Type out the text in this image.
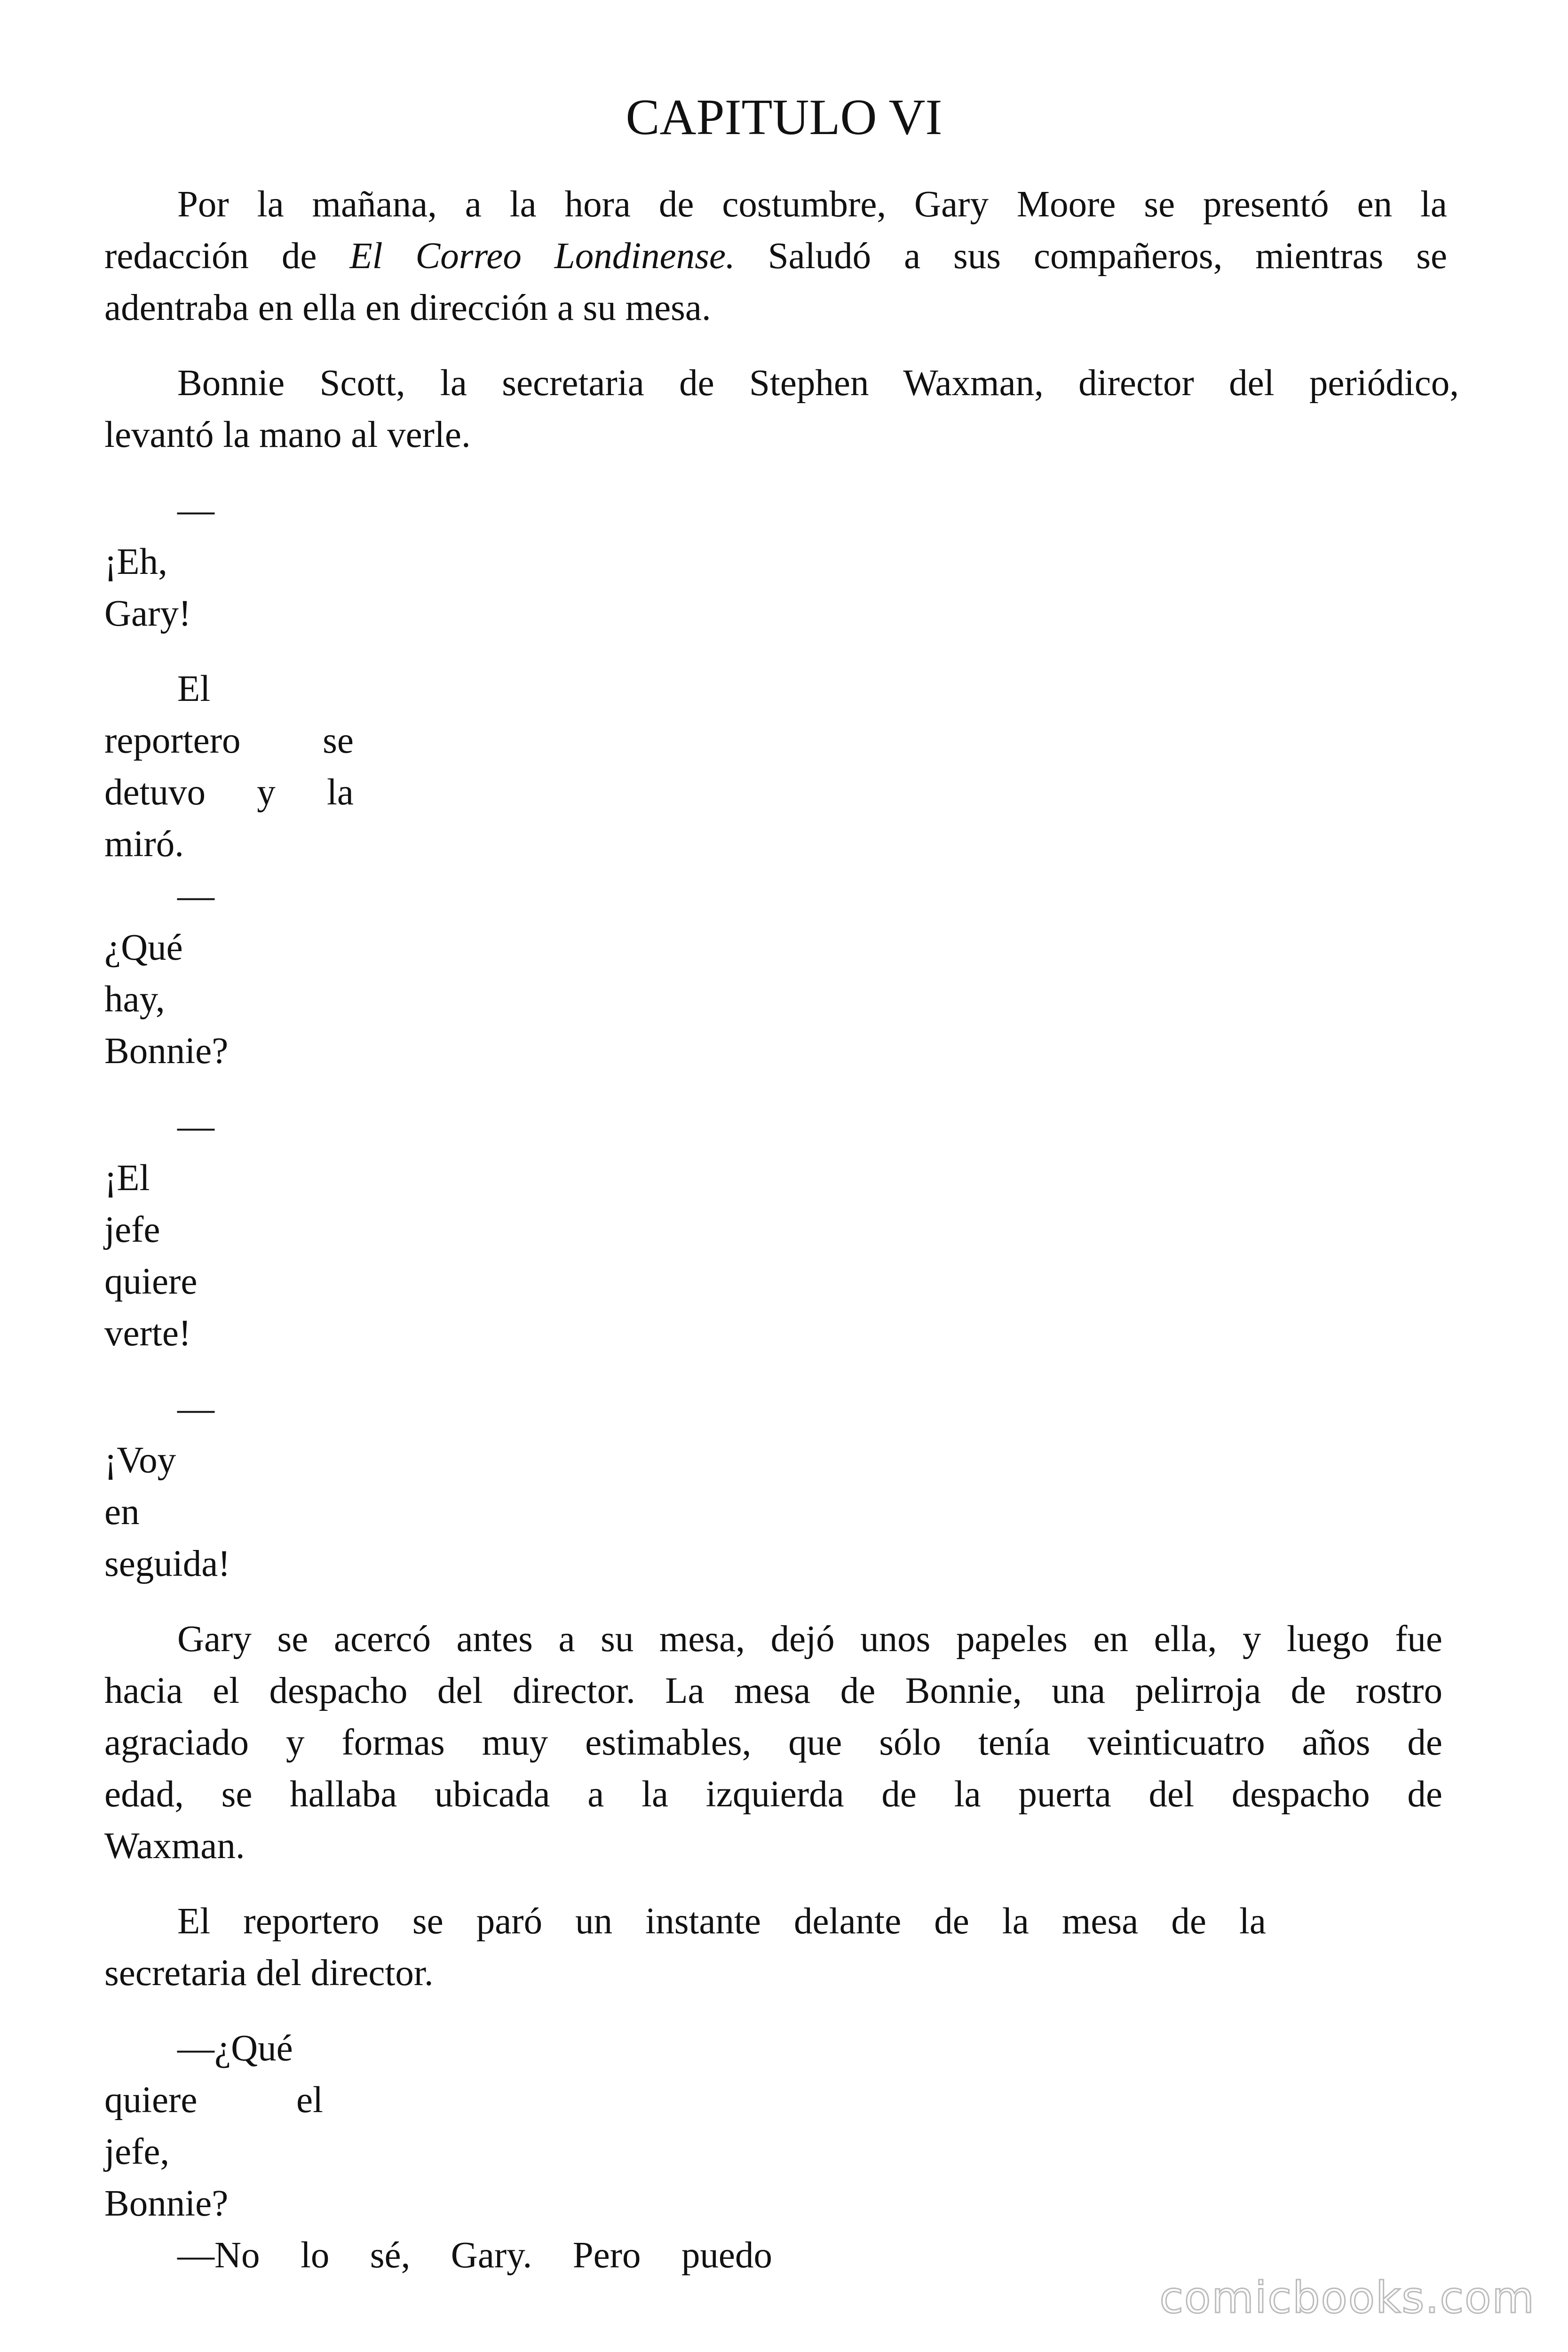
CAPITULO VI
Por la mañana, a la hora de costumbre, Gary Moore se presentó en la
redacción de El Correo Londinense. Saludó a sus compañeros, mientras se
adentraba en ella en dirección a su mesa.
Bonnie Scott, la secretaria de Stephen Waxman, director del periódico,
levantó la mano al verle.
—
¡Eh,
Gary!
El
reportero se
detuvo y la
miró.
—
¿Qué
hay,
Bonnie?
—
¡El
jefe
quiere
verte!
—
¡Voy
en
seguida!
Gary se acercó antes a su mesa, dejó unos papeles en ella, y luego fue
hacia el despacho del director. La mesa de Bonnie, una pelirroja de rostro
agraciado y formas muy estimables, que sólo tenía veinticuatro años de
edad, se hallaba ubicada a la izquierda de la puerta del despacho de
Waxman.
El reportero se paró un instante delante de la mesa de la
secretaria del director.
—¿Qué
quiere el
jefe,
Bonnie?
—No lo sé, Gary. Pero puedo
comicbooks.com
